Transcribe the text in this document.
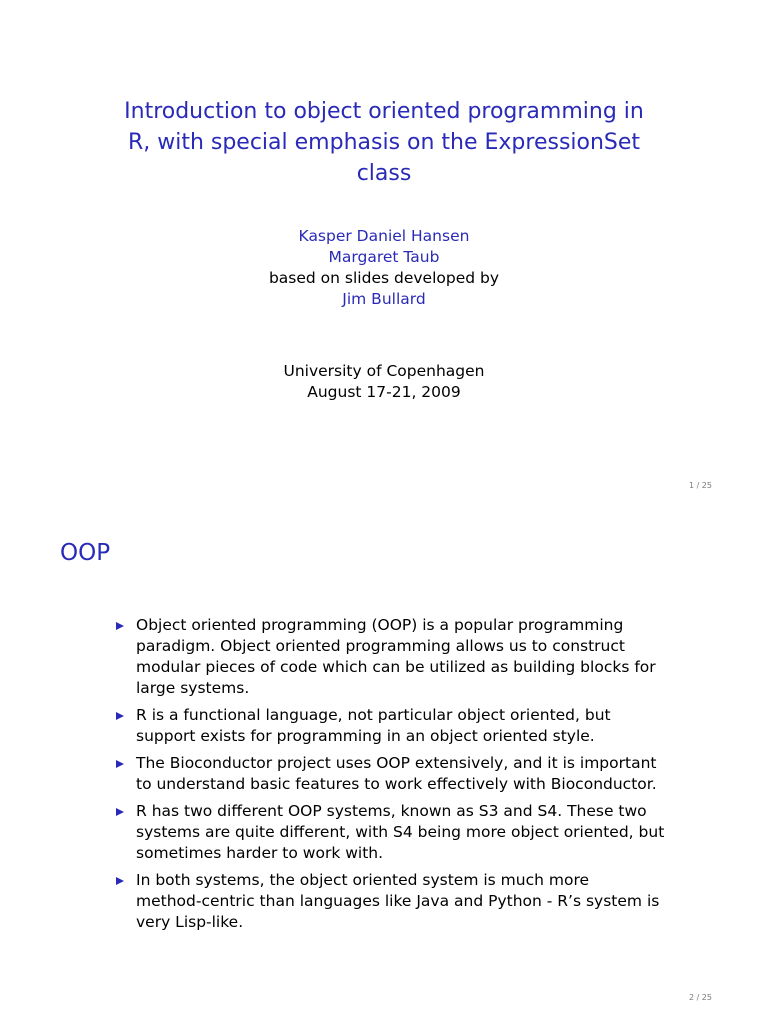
Introduction to object oriented programming in
R, with special emphasis on the ExpressionSet
class
Kasper Daniel Hansen
Margaret Taub
based on slides developed by
Jim Bullard
University of Copenhagen
August 17-21, 2009
1 / 25
OOP
Object oriented programming (OOP) is a popular programming
paradigm. Object oriented programming allows us to construct
modular pieces of code which can be utilized as building blocks for
large systems.
R is a functional language, not particular object oriented, but
support exists for programming in an object oriented style.
The Bioconductor project uses OOP extensively, and it is important
to understand basic features to work effectively with Bioconductor.
R has two different OOP systems, known as S3 and S4. These two
systems are quite different, with S4 being more object oriented, but
sometimes harder to work with.
In both systems, the object oriented system is much more
method-centric than languages like Java and Python - R’s system is
very Lisp-like.
2 / 25
